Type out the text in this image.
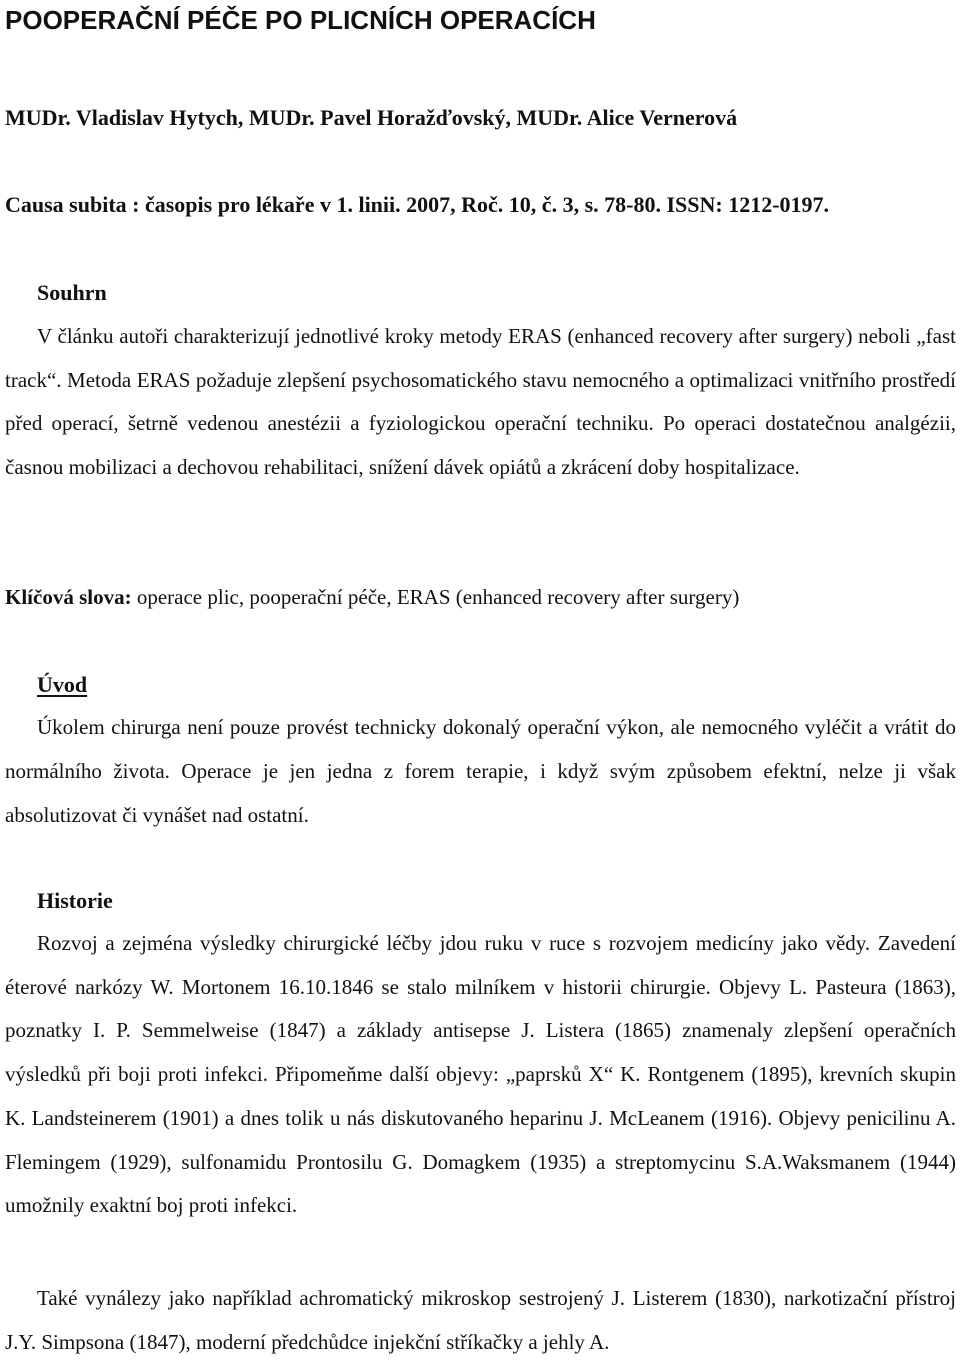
POOPERAČNÍ PÉČE PO PLICNÍCH OPERACÍCH

MUDr. Vladislav Hytych, MUDr. Pavel Horažďovský, MUDr. Alice Vernerová

Causa subita : časopis pro lékaře v 1. linii. 2007, Roč. 10, č. 3, s. 78-80. ISSN: 1212-0197.

Souhrn

V článku autoři charakterizují jednotlivé kroky metody ERAS (enhanced recovery after surgery) neboli „fast track“. Metoda ERAS požaduje zlepšení psychosomatického stavu nemocného a optimalizaci vnitřního prostředí před operací, šetrně vedenou anestézii a fyziologickou operační techniku. Po operaci dostatečnou analgézii, časnou mobilizaci a dechovou rehabilitaci, snížení dávek opiátů a zkrácení doby hospitalizace.

Klíčová slova: operace plic, pooperační péče, ERAS (enhanced recovery after surgery)

Úvod

Úkolem chirurga není pouze provést technicky dokonalý operační výkon, ale nemocného vyléčit a vrátit do normálního života. Operace je jen jedna z forem terapie, i když svým způsobem efektní, nelze ji však absolutizovat či vynášet nad ostatní.

Historie

Rozvoj a zejména výsledky chirurgické léčby jdou ruku v ruce s rozvojem medicíny jako vědy. Zavedení éterové narkózy W. Mortonem 16.10.1846 se stalo milníkem v historii chirurgie. Objevy L. Pasteura (1863), poznatky I. P. Semmelweise (1847) a základy antisepse J. Listera (1865) znamenaly zlepšení operačních výsledků při boji proti infekci. Připomeňme další objevy: „paprsků X“ K. Rontgenem (1895), krevních skupin K. Landsteinerem (1901) a dnes tolik u nás diskutovaného heparinu J. McLeanem (1916). Objevy penicilinu A. Flemingem (1929), sulfonamidu Prontosilu G. Domagkem (1935) a streptomycinu S.A.Waksmanem (1944) umožnily exaktní boj proti infekci.

Také vynálezy jako například achromatický mikroskop sestrojený J. Listerem (1830), narkotizační přístroj J.Y. Simpsona (1847), moderní předchůdce injekční stříkačky a jehly A.
